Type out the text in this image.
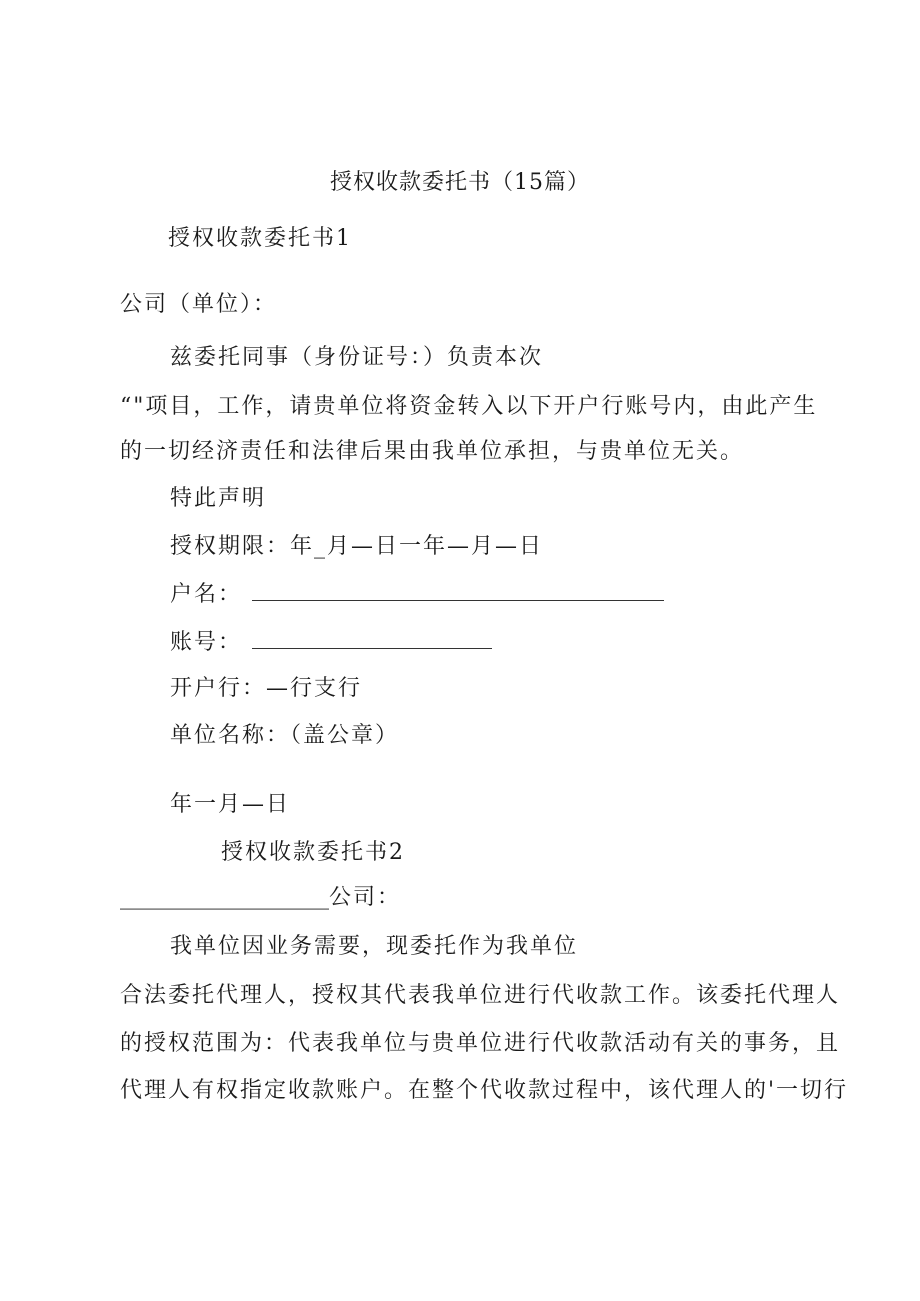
授权收款委托书（15篇）
授权收款委托书1
公司（单位）：
兹委托同事（身份证号：）负责本次
“"项目，工作，请贵单位将资金转入以下开户行账号内，由此产生
的一切经济责任和法律后果由我单位承担，与贵单位无关。
特此声明
授权期限：年_月—日一年—月—日
户名：
账号：
开户行：—行支行
单位名称：（盖公章）
年一月—日
授权收款委托书2
___________________公司：
我单位因业务需要，现委托作为我单位
合法委托代理人，授权其代表我单位进行代收款工作。该委托代理人
的授权范围为：代表我单位与贵单位进行代收款活动有关的事务，且
代理人有权指定收款账户。在整个代收款过程中，该代理人的'一切行
